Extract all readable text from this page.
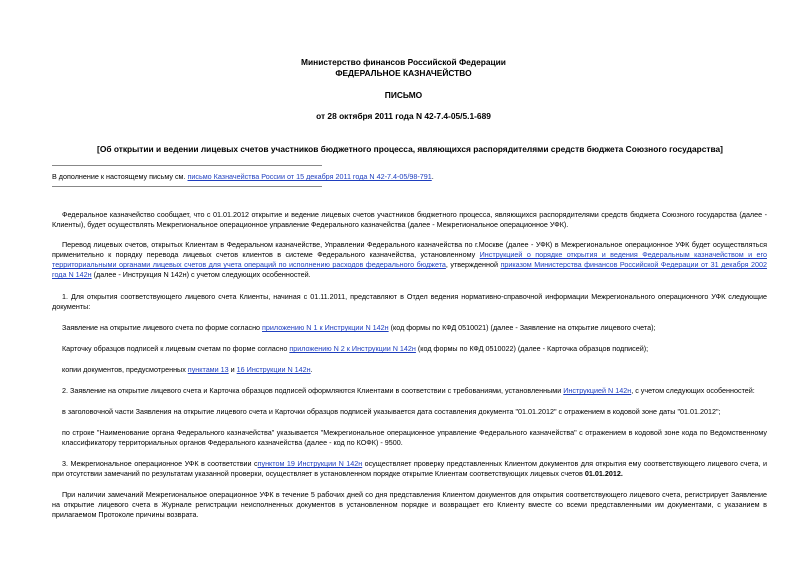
Министерство финансов Российской Федерации
ФЕДЕРАЛЬНОЕ КАЗНАЧЕЙСТВО
ПИСЬМО
от 28 октября 2011 года N 42-7.4-05/5.1-689
[Об открытии и ведении лицевых счетов участников бюджетного процесса, являющихся распорядителями средств бюджета Союзного государства]
В дополнение к настоящему письму см. письмо Казначейства России от 15 декабря 2011 года N 42-7.4-05/98-791.
Федеральное казначейство сообщает, что с 01.01.2012 открытие и ведение лицевых счетов участников бюджетного процесса, являющихся распорядителями средств бюджета Союзного государства (далее - Клиенты), будет осуществлять Межрегиональное операционное управление Федерального казначейства (далее - Межрегиональное операционное УФК).
Перевод лицевых счетов, открытых Клиентам в Федеральном казначействе, Управлении Федерального казначейства по г.Москве (далее - УФК) в Межрегиональное операционное УФК будет осуществляться применительно к порядку перевода лицевых счетов клиентов в системе Федерального казначейства, установленному Инструкцией о порядке открытия и ведения Федеральным казначейством и его территориальными органами лицевых счетов для учета операций по исполнению расходов федерального бюджета, утвержденной приказом Министерства финансов Российской Федерации от 31 декабря 2002 года N 142н (далее - Инструкция N 142н) с учетом следующих особенностей.
1. Для открытия соответствующего лицевого счета Клиенты, начиная с 01.11.2011, представляют в Отдел ведения нормативно-справочной информации Межрегионального операционного УФК следующие документы:
Заявление на открытие лицевого счета по форме согласно приложению N 1 к Инструкции N 142н (код формы по КФД 0510021) (далее - Заявление на открытие лицевого счета);
Карточку образцов подписей к лицевым счетам по форме согласно приложению N 2 к Инструкции N 142н (код формы по КФД 0510022) (далее - Карточка образцов подписей);
копии документов, предусмотренных пунктами 13 и 16 Инструкции N 142н.
2. Заявление на открытие лицевого счета и Карточка образцов подписей оформляются Клиентами в соответствии с требованиями, установленными Инструкцией N 142н, с учетом следующих особенностей:
в заголовочной части Заявления на открытие лицевого счета и Карточки образцов подписей указывается дата составления документа "01.01.2012" с отражением в кодовой зоне даты "01.01.2012";
по строке "Наименование органа Федерального казначейства" указывается "Межрегиональное операционное управление Федерального казначейства" с отражением в кодовой зоне кода по Ведомственному классификатору территориальных органов Федерального казначейства (далее - код по КОФК) - 9500.
3. Межрегиональное операционное УФК в соответствии спунктом 19 Инструкции N 142н осуществляет проверку представленных Клиентом документов для открытия ему соответствующего лицевого счета, и при отсутствии замечаний по результатам указанной проверки, осуществляет в установленном порядке открытие Клиентам соответствующих лицевых счетов 01.01.2012.
При наличии замечаний Межрегиональное операционное УФК в течение 5 рабочих дней со дня представления Клиентом документов для открытия соответствующего лицевого счета, регистрирует Заявление на открытие лицевого счета в Журнале регистрации неисполненных документов в установленном порядке и возвращает его Клиенту вместе со всеми представленными им документами, с указанием в прилагаемом Протоколе причины возврата.
